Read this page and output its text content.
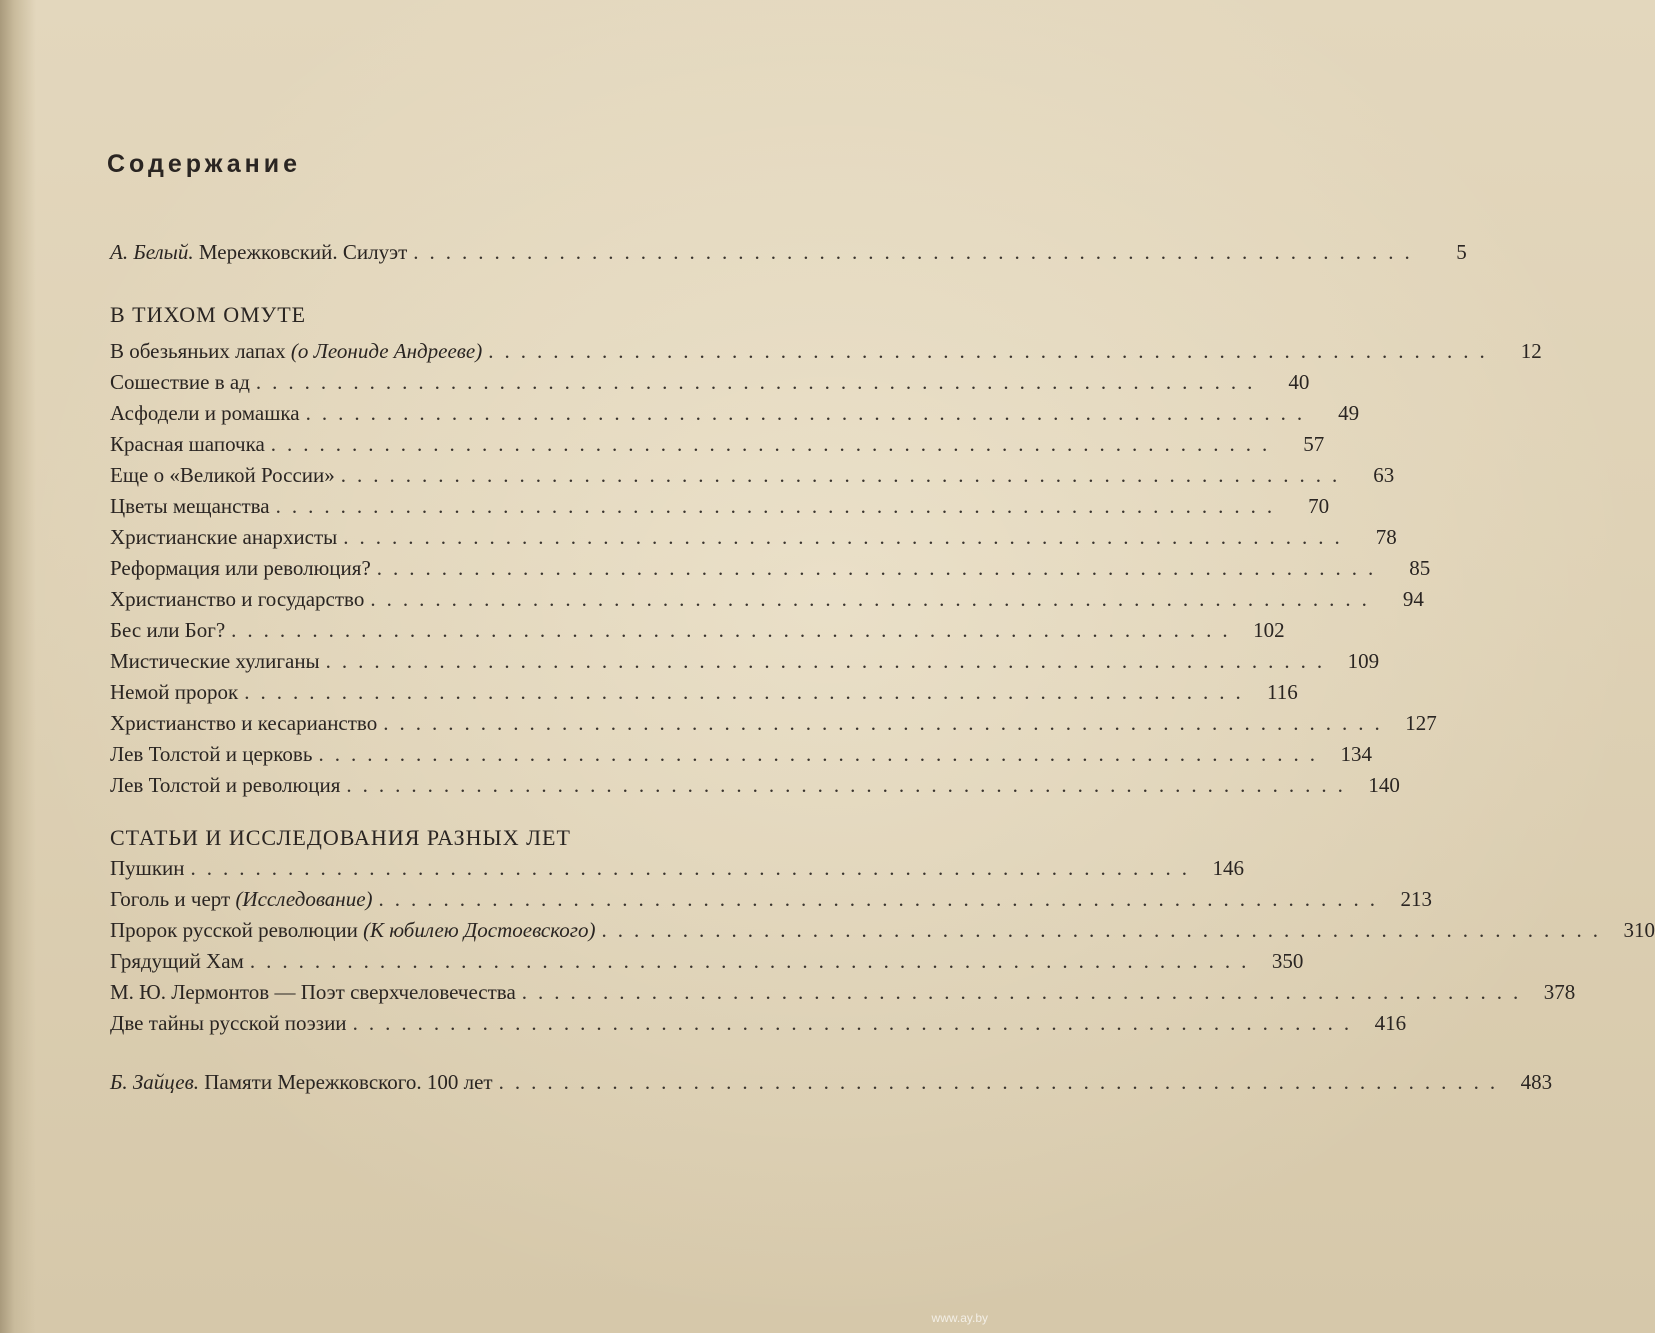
Содержание
А. Белый. Мережковский. Силуэт ..............................................................	5
В ТИХОМ ОМУТЕ
В обезьяньих лапах (о Леониде Андрееве) ..............................................................	12
Сошествие в ад ..............................................................	40
Асфодели и ромашка ..............................................................	49
Красная шапочка ..............................................................	57
Еще о «Великой России» ..............................................................	63
Цветы мещанства ..............................................................	70
Христианские анархисты ..............................................................	78
Реформация или революция? ..............................................................	85
Христианство и государство ..............................................................	94
Бес или Бог? .............................................................. 102
Мистические хулиганы .............................................................. 109
Немой пророк .............................................................. 116
Христианство и кесарианство .............................................................. 127
Лев Толстой и церковь .............................................................. 134
Лев Толстой и революция .............................................................. 140
СТАТЬИ И ИССЛЕДОВАНИЯ РАЗНЫХ ЛЕТ
Пушкин .............................................................. 146
Гоголь и черт (Исследование) .............................................................. 213
Пророк русской революции (К юбилею Достоевского) .............................................................. 310
Грядущий Хам .............................................................. 350
М. Ю. Лермонтов — Поэт сверхчеловечества .............................................................. 378
Две тайны русской поэзии .............................................................. 416
Б. Зайцев. Памяти Мережковского. 100 лет .............................................................. 483
www.ay.by
